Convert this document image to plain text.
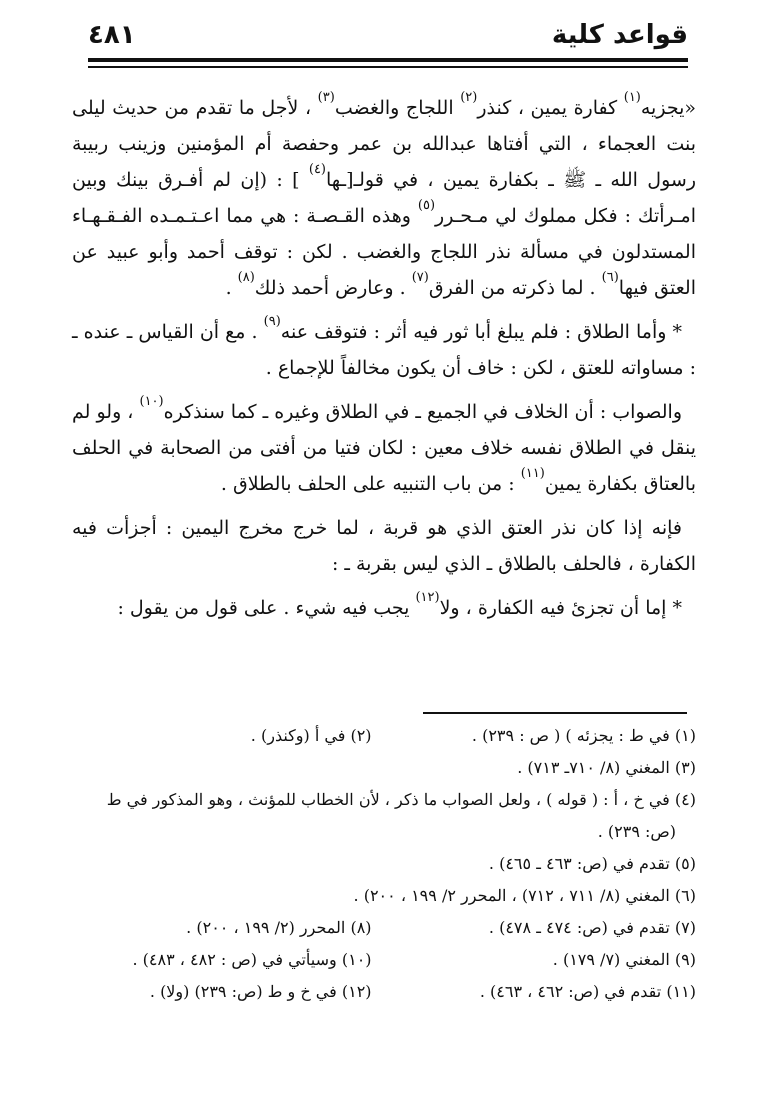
قواعد كلية
٤٨١

«يجزيه$^{(١)}$ كفارة يمين ، كنذر$^{(٢)}$ اللجاج والغضب$^{(٣)}$ ، لأجل ما تقدم من حديث ليلى بنت العجماء ، التي أفتاها عبدالله بن عمر وحفصة أم المؤمنين وزينب ربيبة رسول الله ـ ﷺ ـ بكفارة يمين ، في قولـ[ـها$^{(٤)}$ ] : (إن لم أفـرق بينك وبين امـرأتك : فكل مملوك لي مـحـرر$^{(٥)}$ وهذه القـصـة : هي مما اعـتـمـده الفـقـهـاء المستدلون في مسألة نذر اللجاج والغضب . لكن : توقف أحمد وأبو عبيد عن العتق فيها$^{(٦)}$ . لما ذكرته من الفرق$^{(٧)}$ . وعارض أحمد ذلك$^{(٨)}$ .

* وأما الطلاق : فلم يبلغ أبا ثور فيه أثر : فتوقف عنه$^{(٩)}$ . مع أن القياس ـ عنده ـ : مساواته للعتق ، لكن : خاف أن يكون مخالفاً للإجماع .

والصواب : أن الخلاف في الجميع ـ في الطلاق وغيره ـ كما سنذكره$^{(١٠)}$ ، ولو لم ينقل في الطلاق نفسه خلاف معين : لكان فتيا من أفتى من الصحابة في الحلف بالعتاق بكفارة يمين$^{(١١)}$ : من باب التنبيه على الحلف بالطلاق .

فإنه إذا كان نذر العتق الذي هو قربة ، لما خرج مخرج اليمين : أجزأت فيه الكفارة ، فالحلف بالطلاق ـ الذي ليس بقربة ـ :

* إما أن تجزئ فيه الكفارة ، ولا$^{(١٢)}$ يجب فيه شيء . على قول من يقول :

(١) في ط : يجزئه ) ( ص : ٢٣٩) .
(٢) في أ (وكنذر) .
(٣) المغني (٨/ ٧١٠ـ ٧١٣) .
(٤) في خ ، أ : ( قوله ) ، ولعل الصواب ما ذكر ، لأن الخطاب للمؤنث ، وهو المذكور في ط
(ص: ٢٣٩) .
(٥) تقدم في (ص: ٤٦٣ ـ ٤٦٥) .
(٦) المغني (٨/ ٧١١ ، ٧١٢) ، المحرر ٢/ ١٩٩ ، ٢٠٠) .
(٧) تقدم في (ص: ٤٧٤ ـ ٤٧٨) .
(٨) المحرر (٢/ ١٩٩ ، ٢٠٠) .
(٩) المغني (٧/ ١٧٩) .
(١٠) وسيأتي في (ص : ٤٨٢ ، ٤٨٣) .
(١١) تقدم في (ص: ٤٦٢ ، ٤٦٣) .
(١٢) في خ و ط (ص: ٢٣٩) (ولا) .
